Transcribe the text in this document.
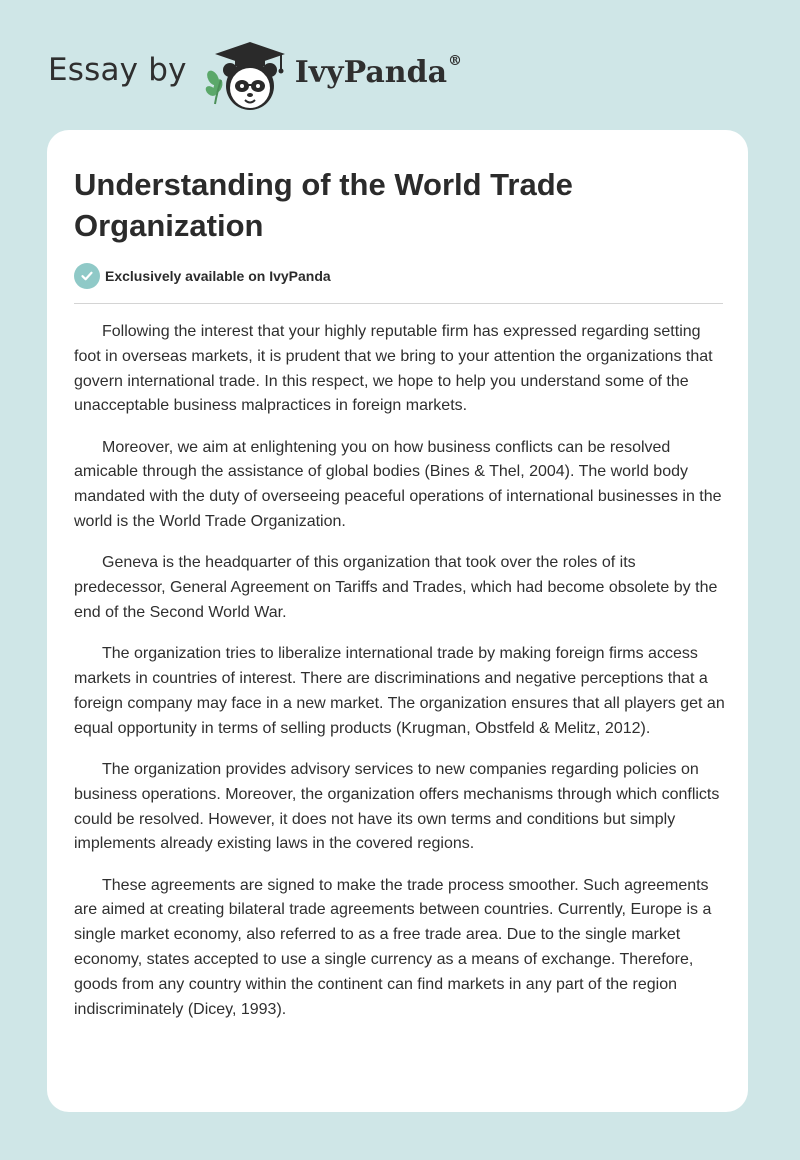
Essay by	IvyPanda®
Understanding of the World Trade Organization
Exclusively available on IvyPanda

Following the interest that your highly reputable firm has expressed regarding setting foot in overseas markets, it is prudent that we bring to your attention the organizations that govern international trade. In this respect, we hope to help you understand some of the unacceptable business malpractices in foreign markets.

Moreover, we aim at enlightening you on how business conflicts can be resolved amicable through the assistance of global bodies (Bines & Thel, 2004). The world body mandated with the duty of overseeing peaceful operations of international businesses in the world is the World Trade Organization.

Geneva is the headquarter of this organization that took over the roles of its predecessor, General Agreement on Tariffs and Trades, which had become obsolete by the end of the Second World War.

The organization tries to liberalize international trade by making foreign firms access markets in countries of interest. There are discriminations and negative perceptions that a foreign company may face in a new market. The organization ensures that all players get an equal opportunity in terms of selling products (Krugman, Obstfeld & Melitz, 2012).

The organization provides advisory services to new companies regarding policies on business operations. Moreover, the organization offers mechanisms through which conflicts could be resolved. However, it does not have its own terms and conditions but simply implements already existing laws in the covered regions.

These agreements are signed to make the trade process smoother. Such agreements are aimed at creating bilateral trade agreements between countries. Currently, Europe is a single market economy, also referred to as a free trade area. Due to the single market economy, states accepted to use a single currency as a means of exchange. Therefore, goods from any country within the continent can find markets in any part of the region indiscriminately (Dicey, 1993).
